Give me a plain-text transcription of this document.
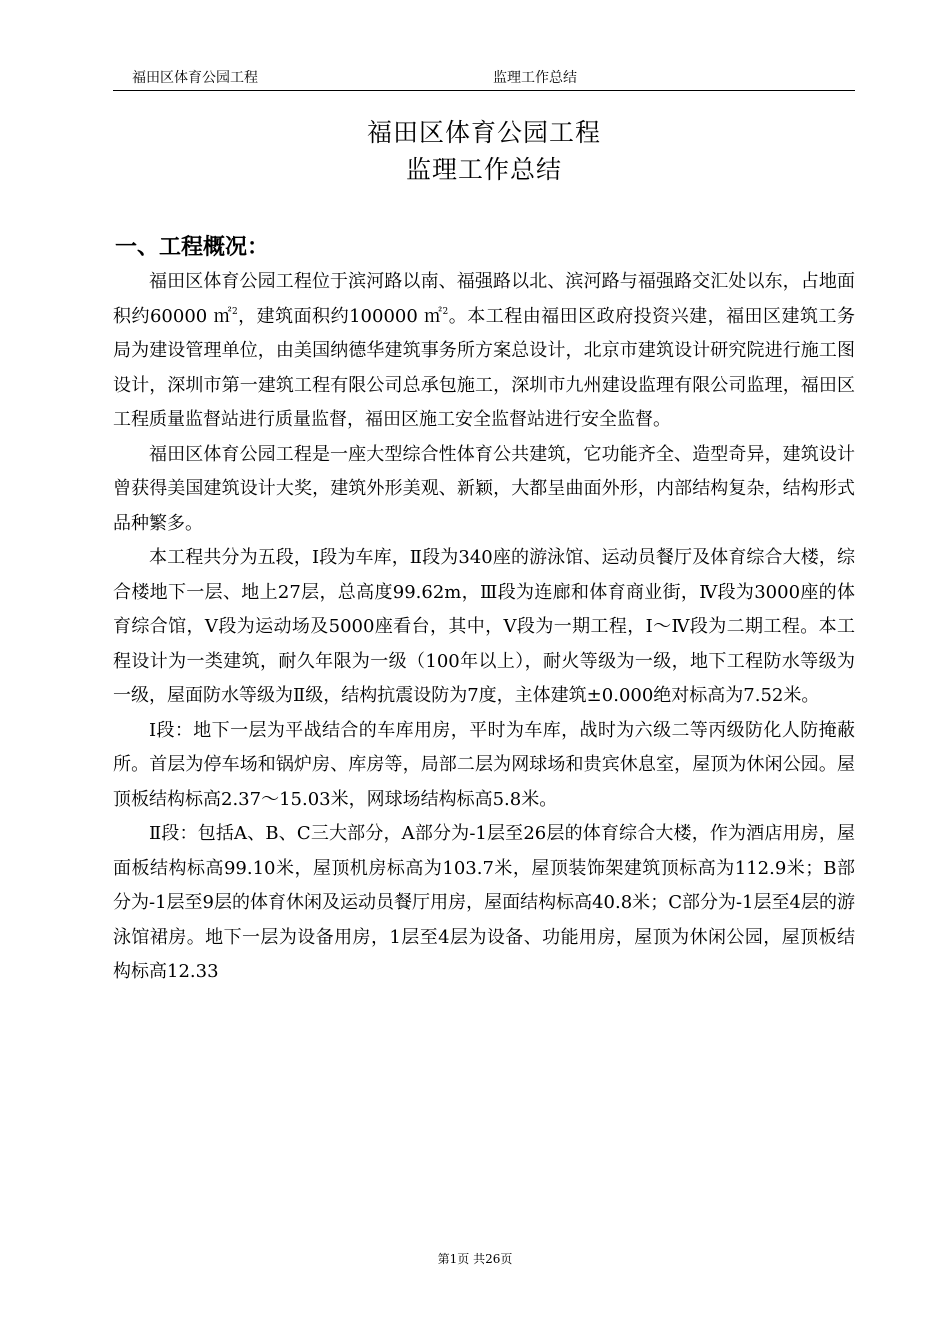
福田区体育公园工程	监理工作总结
福田区体育公园工程
监理工作总结
一、工程概况：

福田区体育公园工程位于滨河路以南、福强路以北、滨河路与福强路交汇处以东，占地面积约60000 ㎡$^2$，建筑面积约100000 ㎡$^2$。本工程由福田区政府投资兴建，福田区建筑工务局为建设管理单位，由美国纳德华建筑事务所方案总设计，北京市建筑设计研究院进行施工图设计，深圳市第一建筑工程有限公司总承包施工，深圳市九州建设监理有限公司监理，福田区工程质量监督站进行质量监督，福田区施工安全监督站进行安全监督。

福田区体育公园工程是一座大型综合性体育公共建筑，它功能齐全、造型奇异，建筑设计曾获得美国建筑设计大奖，建筑外形美观、新颖，大都呈曲面外形，内部结构复杂，结构形式品种繁多。

本工程共分为五段，Ⅰ段为车库，Ⅱ段为340座的游泳馆、运动员餐厅及体育综合大楼，综合楼地下一层、地上27层，总高度99.62m，Ⅲ段为连廊和体育商业街，Ⅳ段为3000座的体育综合馆，Ⅴ段为运动场及5000座看台，其中，Ⅴ段为一期工程，Ⅰ～Ⅳ段为二期工程。本工程设计为一类建筑，耐久年限为一级（100年以上），耐火等级为一级，地下工程防水等级为一级，屋面防水等级为Ⅱ级，结构抗震设防为7度，主体建筑±0.000绝对标高为7.52米。

Ⅰ段：地下一层为平战结合的车库用房，平时为车库，战时为六级二等丙级防化人防掩蔽所。首层为停车场和锅炉房、库房等，局部二层为网球场和贵宾休息室，屋顶为休闲公园。屋顶板结构标高2.37～15.03米，网球场结构标高5.8米。

Ⅱ段：包括A、B、C三大部分，A部分为-1层至26层的体育综合大楼，作为酒店用房，屋面板结构标高99.10米，屋顶机房标高为103.7米，屋顶装饰架建筑顶标高为112.9米；B部分为-1层至9层的体育休闲及运动员餐厅用房，屋面结构标高40.8米；C部分为-1层至4层的游泳馆裙房。地下一层为设备用房，1层至4层为设备、功能用房，屋顶为休闲公园，屋顶板结构标高12.33

第1页 共26页
